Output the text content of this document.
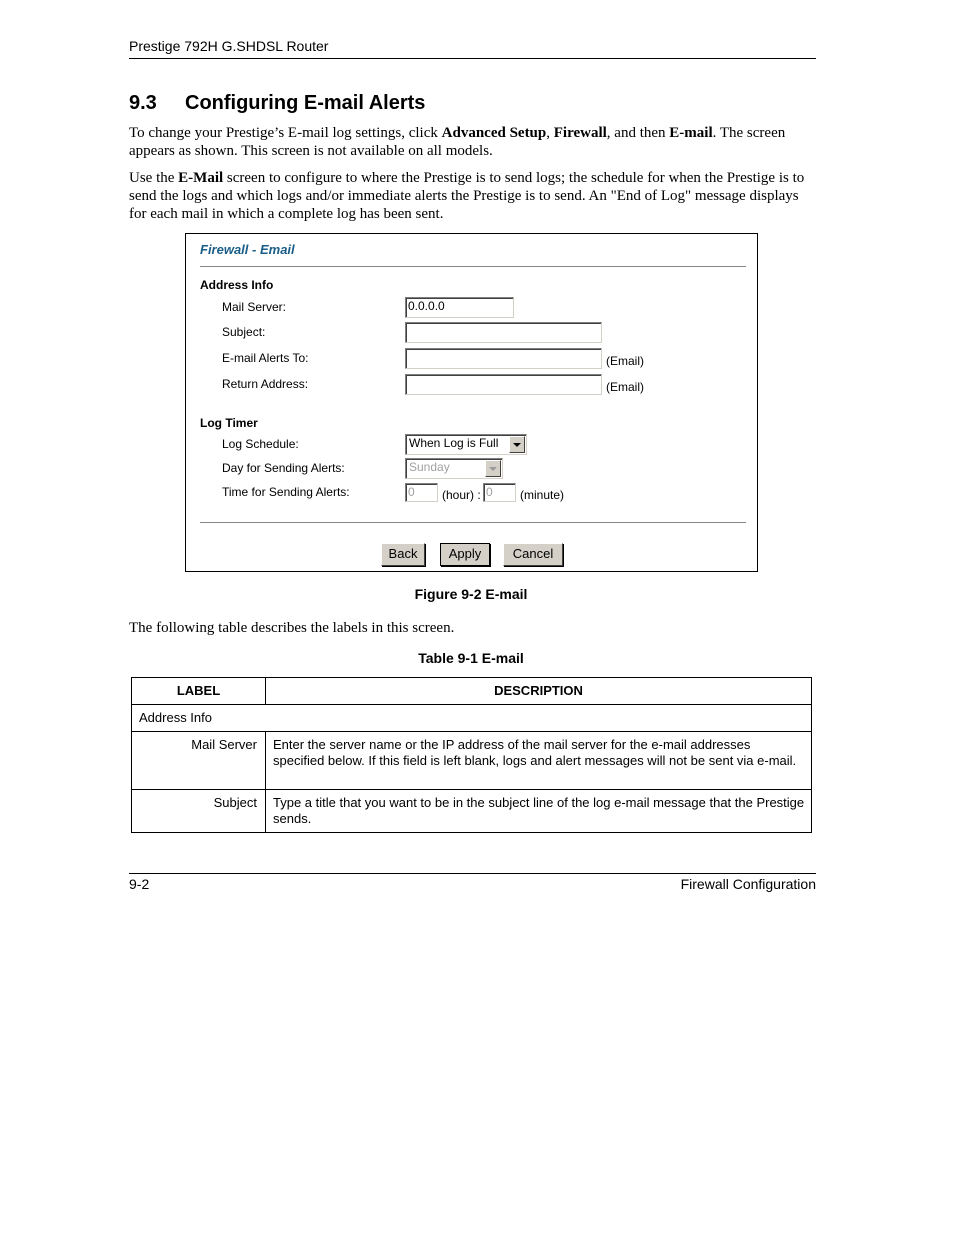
Prestige 792H G.SHDSL Router
9.3 Configuring E-mail Alerts

To change your Prestige’s E-mail log settings, click Advanced Setup, Firewall, and then E-mail. The screen appears as shown. This screen is not available on all models.

Use the E-Mail screen to configure to where the Prestige is to send logs; the schedule for when the Prestige is to send the logs and which logs and/or immediate alerts the Prestige is to send. An "End of Log" message displays for each mail in which a complete log has been sent.

Firewall - Email
Address Info
Mail Server:	0.0.0.0
Subject:
E-mail Alerts To:	(Email)
Return Address:	(Email)
Log Timer
Log Schedule:	When Log is Full
Day for Sending Alerts:	Sunday
Time for Sending Alerts:	0	(hour) : 0	(minute)
Back	Apply	Cancel
Figure 9-2 E-mail

The following table describes the labels in this screen.

Table 9-1 E-mail
LABEL	DESCRIPTION
Address Info	
Mail Server	Enter the server name or the IP address of the mail server for the e-mail addresses specified below. If this field is left blank, logs and alert messages will not be sent via e-mail.
Subject	Type a title that you want to be in the subject line of the log e-mail message that the Prestige sends.
9-2	Firewall Configuration
